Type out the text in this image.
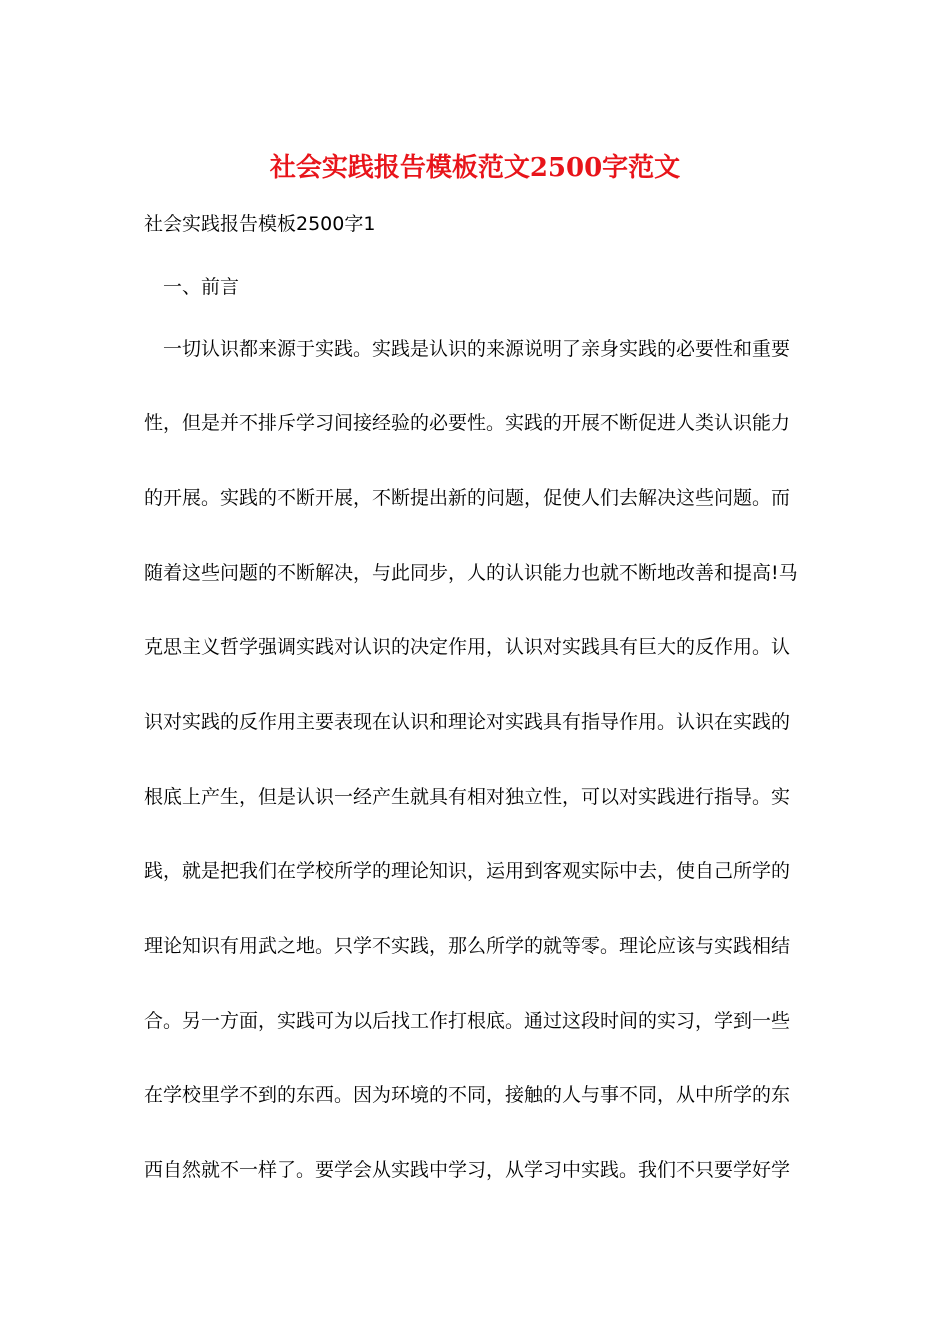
社会实践报告模板范文2500字范文
社会实践报告模板2500字1
一、前言
一切认识都来源于实践。实践是认识的来源说明了亲身实践的必要性和重要
性，但是并不排斥学习间接经验的必要性。实践的开展不断促进人类认识能力
的开展。实践的不断开展，不断提出新的问题，促使人们去解决这些问题。而
随着这些问题的不断解决，与此同步，人的认识能力也就不断地改善和提高!马
克思主义哲学强调实践对认识的决定作用，认识对实践具有巨大的反作用。认
识对实践的反作用主要表现在认识和理论对实践具有指导作用。认识在实践的
根底上产生，但是认识一经产生就具有相对独立性，可以对实践进行指导。实
践，就是把我们在学校所学的理论知识，运用到客观实际中去，使自己所学的
理论知识有用武之地。只学不实践，那么所学的就等零。理论应该与实践相结
合。另一方面，实践可为以后找工作打根底。通过这段时间的实习，学到一些
在学校里学不到的东西。因为环境的不同，接触的人与事不同，从中所学的东
西自然就不一样了。要学会从实践中学习，从学习中实践。我们不只要学好学
